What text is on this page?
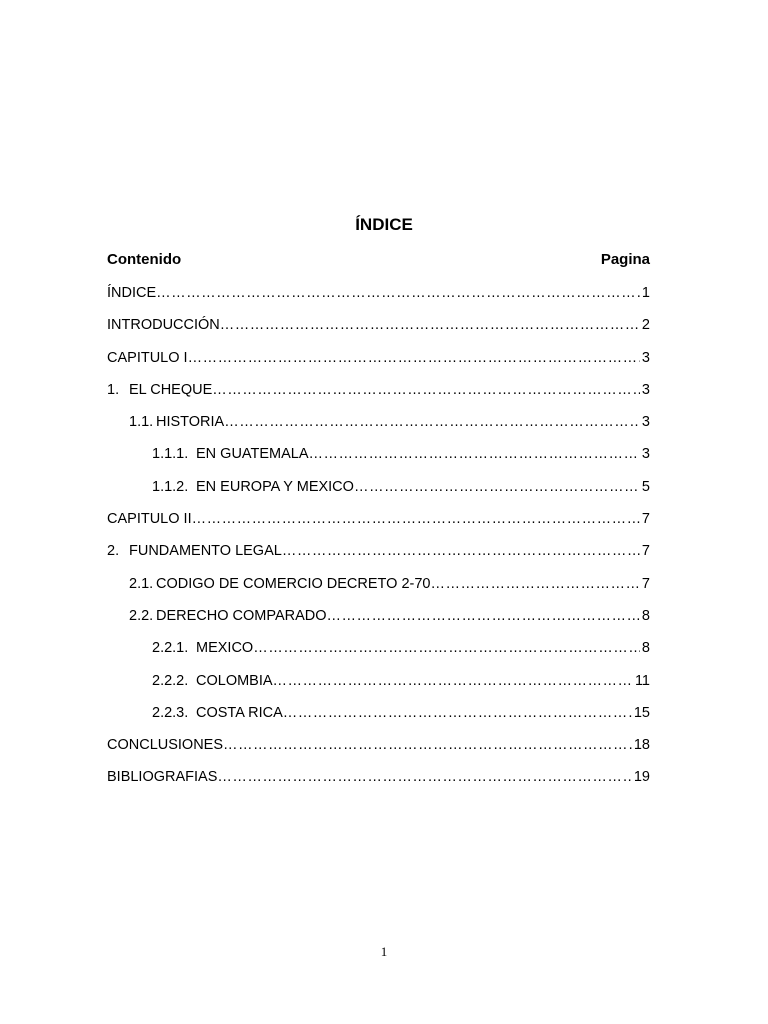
ÍNDICE
Contenido	Pagina
ÍNDICE ……………………………………………………………………………………………………………………………………………………………………………………	1
INTRODUCCIÓN ……………………………………………………………………………………………………………………………………………………………………………………	2
CAPITULO I ……………………………………………………………………………………………………………………………………………………………………………………	3
1. EL CHEQUE ……………………………………………………………………………………………………………………………………………………………………………………	3
1.1. HISTORIA ……………………………………………………………………………………………………………………………………………………………………………………	3
1.1.1. EN GUATEMALA ……………………………………………………………………………………………………………………………………………………………………………………	3
1.1.2. EN EUROPA Y MEXICO ……………………………………………………………………………………………………………………………………………………………………………………	5
CAPITULO II ……………………………………………………………………………………………………………………………………………………………………………………	7
2. FUNDAMENTO LEGAL ……………………………………………………………………………………………………………………………………………………………………………………	7
2.1. CODIGO DE COMERCIO DECRETO 2-70 ……………………………………………………………………………………………………………………………………………………………………………………	7
2.2. DERECHO COMPARADO ……………………………………………………………………………………………………………………………………………………………………………………	8
2.2.1. MEXICO ……………………………………………………………………………………………………………………………………………………………………………………	8
2.2.2. COLOMBIA ……………………………………………………………………………………………………………………………………………………………………………………	11
2.2.3. COSTA RICA ……………………………………………………………………………………………………………………………………………………………………………………	15
CONCLUSIONES ……………………………………………………………………………………………………………………………………………………………………………………	18
BIBLIOGRAFIAS ……………………………………………………………………………………………………………………………………………………………………………………	19
1
